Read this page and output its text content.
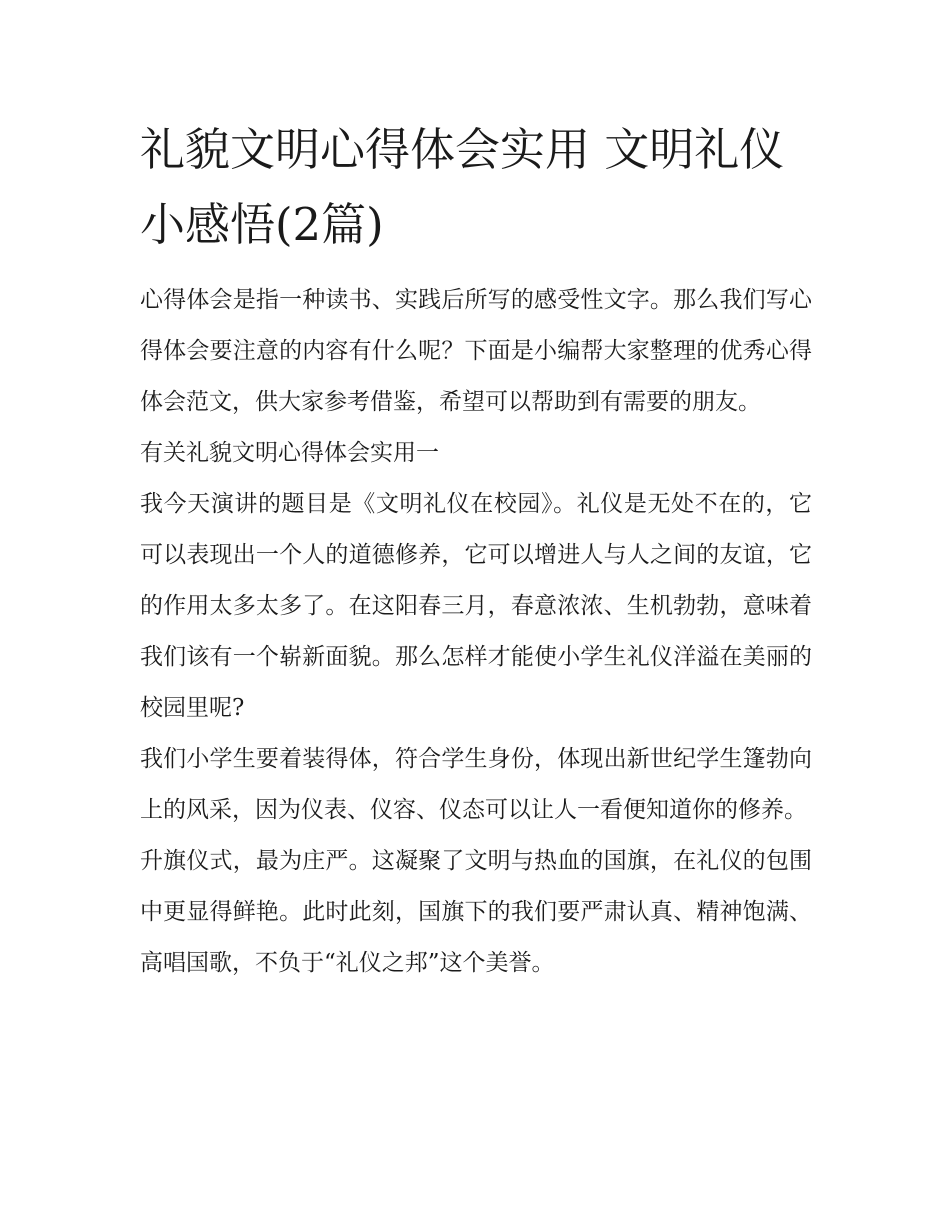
礼貌文明心得体会实用 文明礼仪小感悟(2篇)

心得体会是指一种读书、实践后所写的感受性文字。那么我们写心得体会要注意的内容有什么呢？下面是小编帮大家整理的优秀心得体会范文，供大家参考借鉴，希望可以帮助到有需要的朋友。

有关礼貌文明心得体会实用一

我今天演讲的题目是《文明礼仪在校园》。礼仪是无处不在的，它可以表现出一个人的道德修养，它可以增进人与人之间的友谊，它的作用太多太多了。在这阳春三月，春意浓浓、生机勃勃，意味着我们该有一个崭新面貌。那么怎样才能使小学生礼仪洋溢在美丽的校园里呢?

我们小学生要着装得体，符合学生身份，体现出新世纪学生篷勃向上的风采，因为仪表、仪容、仪态可以让人一看便知道你的修养。

升旗仪式，最为庄严。这凝聚了文明与热血的国旗，在礼仪的包围中更显得鲜艳。此时此刻，国旗下的我们要严肃认真、精神饱满、高唱国歌，不负于“礼仪之邦”这个美誉。
